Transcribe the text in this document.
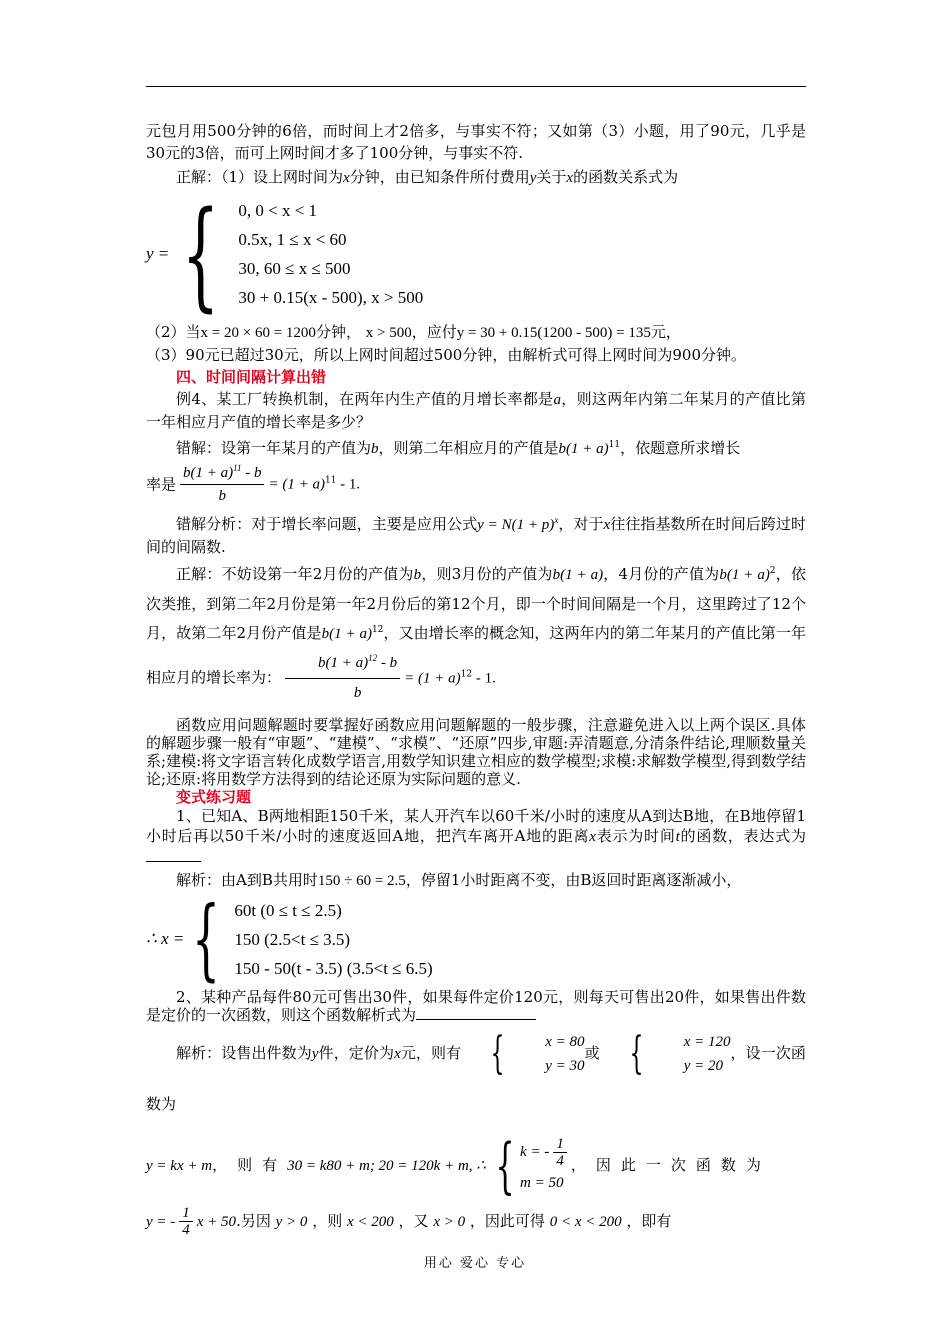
元包月用500分钟的6倍，而时间上才2倍多，与事实不符；又如第（3）小题，用了90元，几乎是30元的3倍，而可上网时间才多了100分钟，与事实不符.

正解：（1）设上网时间为x分钟，由已知条件所付费用y关于x的函数关系式为

y = { 0, 0 < x < 1
0.5x, 1 ≤ x < 60
30, 60 ≤ x ≤ 500
30 + 0.15(x - 500), x > 500

（2）当x = 20 × 60 = 1200分钟， x > 500，应付y = 30 + 0.15(1200 - 500) = 135元，

（3）90元已超过30元，所以上网时间超过500分钟，由解析式可得上网时间为900分钟。

四、时间间隔计算出错

例4、某工厂转换机制，在两年内生产值的月增长率都是a，则这两年内第二年某月的产值比第一年相应月产值的增长率是多少？

错解：设第一年某月的产值为b，则第二年相应月的产值是$b(1 + a)^{11}$，依题意所求增长

率是 $\frac{b(1 + a)^{11} - b}{b} = (1 + a)^{11} - 1$.

错解分析：对于增长率问题，主要是应用公式$y = N(1 + p)^x$，对于x往往指基数所在时间后跨过时间的间隔数.

正解：不妨设第一年2月份的产值为b，则3月份的产值为b(1 + a)，4月份的产值为$b(1 + a)^2$，依次类推，到第二年2月份是第一年2月份后的第12个月，即一个时间间隔是一个月，这里跨过了12个月，故第二年2月份产值是$b(1 + a)^{12}$，又由增长率的概念知，这两年内的第二年某月的产值比第一年相应月的增长率为： $\frac{b(1 + a)^{12} - b}{b} = (1 + a)^{12} - 1$.

函数应用问题解题时要掌握好函数应用问题解题的一般步骤，注意避免进入以上两个误区.具体的解题步骤一般有“审题”、“建模”、“求模”、“还原”四步,审题:弄清题意,分清条件结论,理顺数量关系;建模:将文字语言转化成数学语言,用数学知识建立相应的数学模型;求模:求解数学模型,得到数学结论;还原:将用数学方法得到的结论还原为实际问题的意义.

变式练习题

1、已知A、B两地相距150千米，某人开汽车以60千米/小时的速度从A到达B地，在B地停留1小时后再以50千米/小时的速度返回A地，把汽车离开A地的距离x表示为时间t的函数，表达式为

解析：由A到B共用时150 ÷ 60 = 2.5，停留1小时距离不变，由B返回时距离逐渐减小，

∴ x = { 60t (0 ≤ t ≤ 2.5)
150 (2.5<t ≤ 3.5)
150 - 50(t - 3.5) (3.5<t ≤ 6.5)

2、某种产品每件80元可售出30件，如果每件定价120元，则每天可售出20件，如果售出件数是定价的一次函数，则这个函数解析式为

解析：设售出件数为y件，定价为x元，则有 {	x = 80
y = 30
或 {	x = 120
y = 20
，设一次函数为

y = kx + m，则有30 = k80 + m; 20 = 120k + m, ∴ { k = - $\frac{1}{4}$
m = 50
，因此一次函数为

y = - $\frac{1}{4}$ x + 50.另因 y > 0 ，则 x < 200 ，又 x > 0 ，因此可得 0 < x < 200 ，即有

用心 爱心 专心
